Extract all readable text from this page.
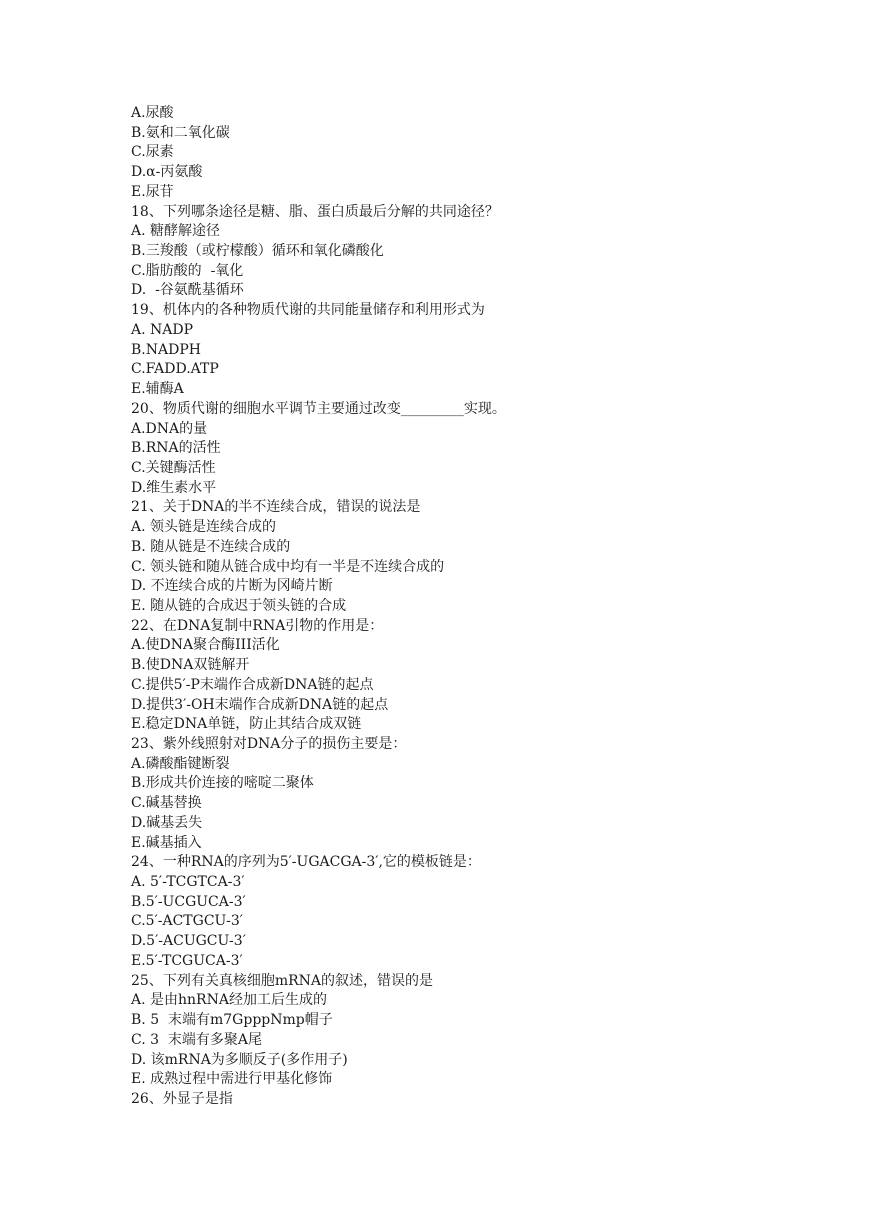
A.尿酸
B.氨和二氧化碳
C.尿素
D.α-丙氨酸
E.尿苷
18、下列哪条途径是糖、脂、蛋白质最后分解的共同途径？
A. 糖酵解途径
B.三羧酸（或柠檬酸）循环和氧化磷酸化
C.脂肪酸的  -氧化
D.  -谷氨酰基循环
19、机体内的各种物质代谢的共同能量储存和利用形式为
A. NADP
B.NADPH
C.FADD.ATP
E.辅酶A
20、物质代谢的细胞水平调节主要通过改变_________实现。
A.DNA的量
B.RNA的活性
C.关键酶活性
D.维生素水平
21、关于DNA的半不连续合成，错误的说法是
A. 领头链是连续合成的
B. 随从链是不连续合成的
C. 领头链和随从链合成中均有一半是不连续合成的
D. 不连续合成的片断为冈崎片断
E. 随从链的合成迟于领头链的合成
22、在DNA复制中RNA引物的作用是：
A.使DNA聚合酶III活化
B.使DNA双链解开
C.提供5′-P末端作合成新DNA链的起点
D.提供3′-OH末端作合成新DNA链的起点
E.稳定DNA单链，防止其结合成双链
23、紫外线照射对DNA分子的损伤主要是：
A.磷酸酯键断裂
B.形成共价连接的嘧啶二聚体
C.碱基替换
D.碱基丢失
E.碱基插入
24、一种RNA的序列为5′-UGACGA-3′,它的模板链是：
A. 5′-TCGTCA-3′
B.5′-UCGUCA-3′
C.5′-ACTGCU-3′
D.5′-ACUGCU-3′
E.5′-TCGUCA-3′
25、下列有关真核细胞mRNA的叙述，错误的是
A. 是由hnRNA经加工后生成的
B. 5  末端有m7GpppNmp帽子
C. 3  末端有多聚A尾
D. 该mRNA为多顺反子(多作用子)
E. 成熟过程中需进行甲基化修饰
26、外显子是指
